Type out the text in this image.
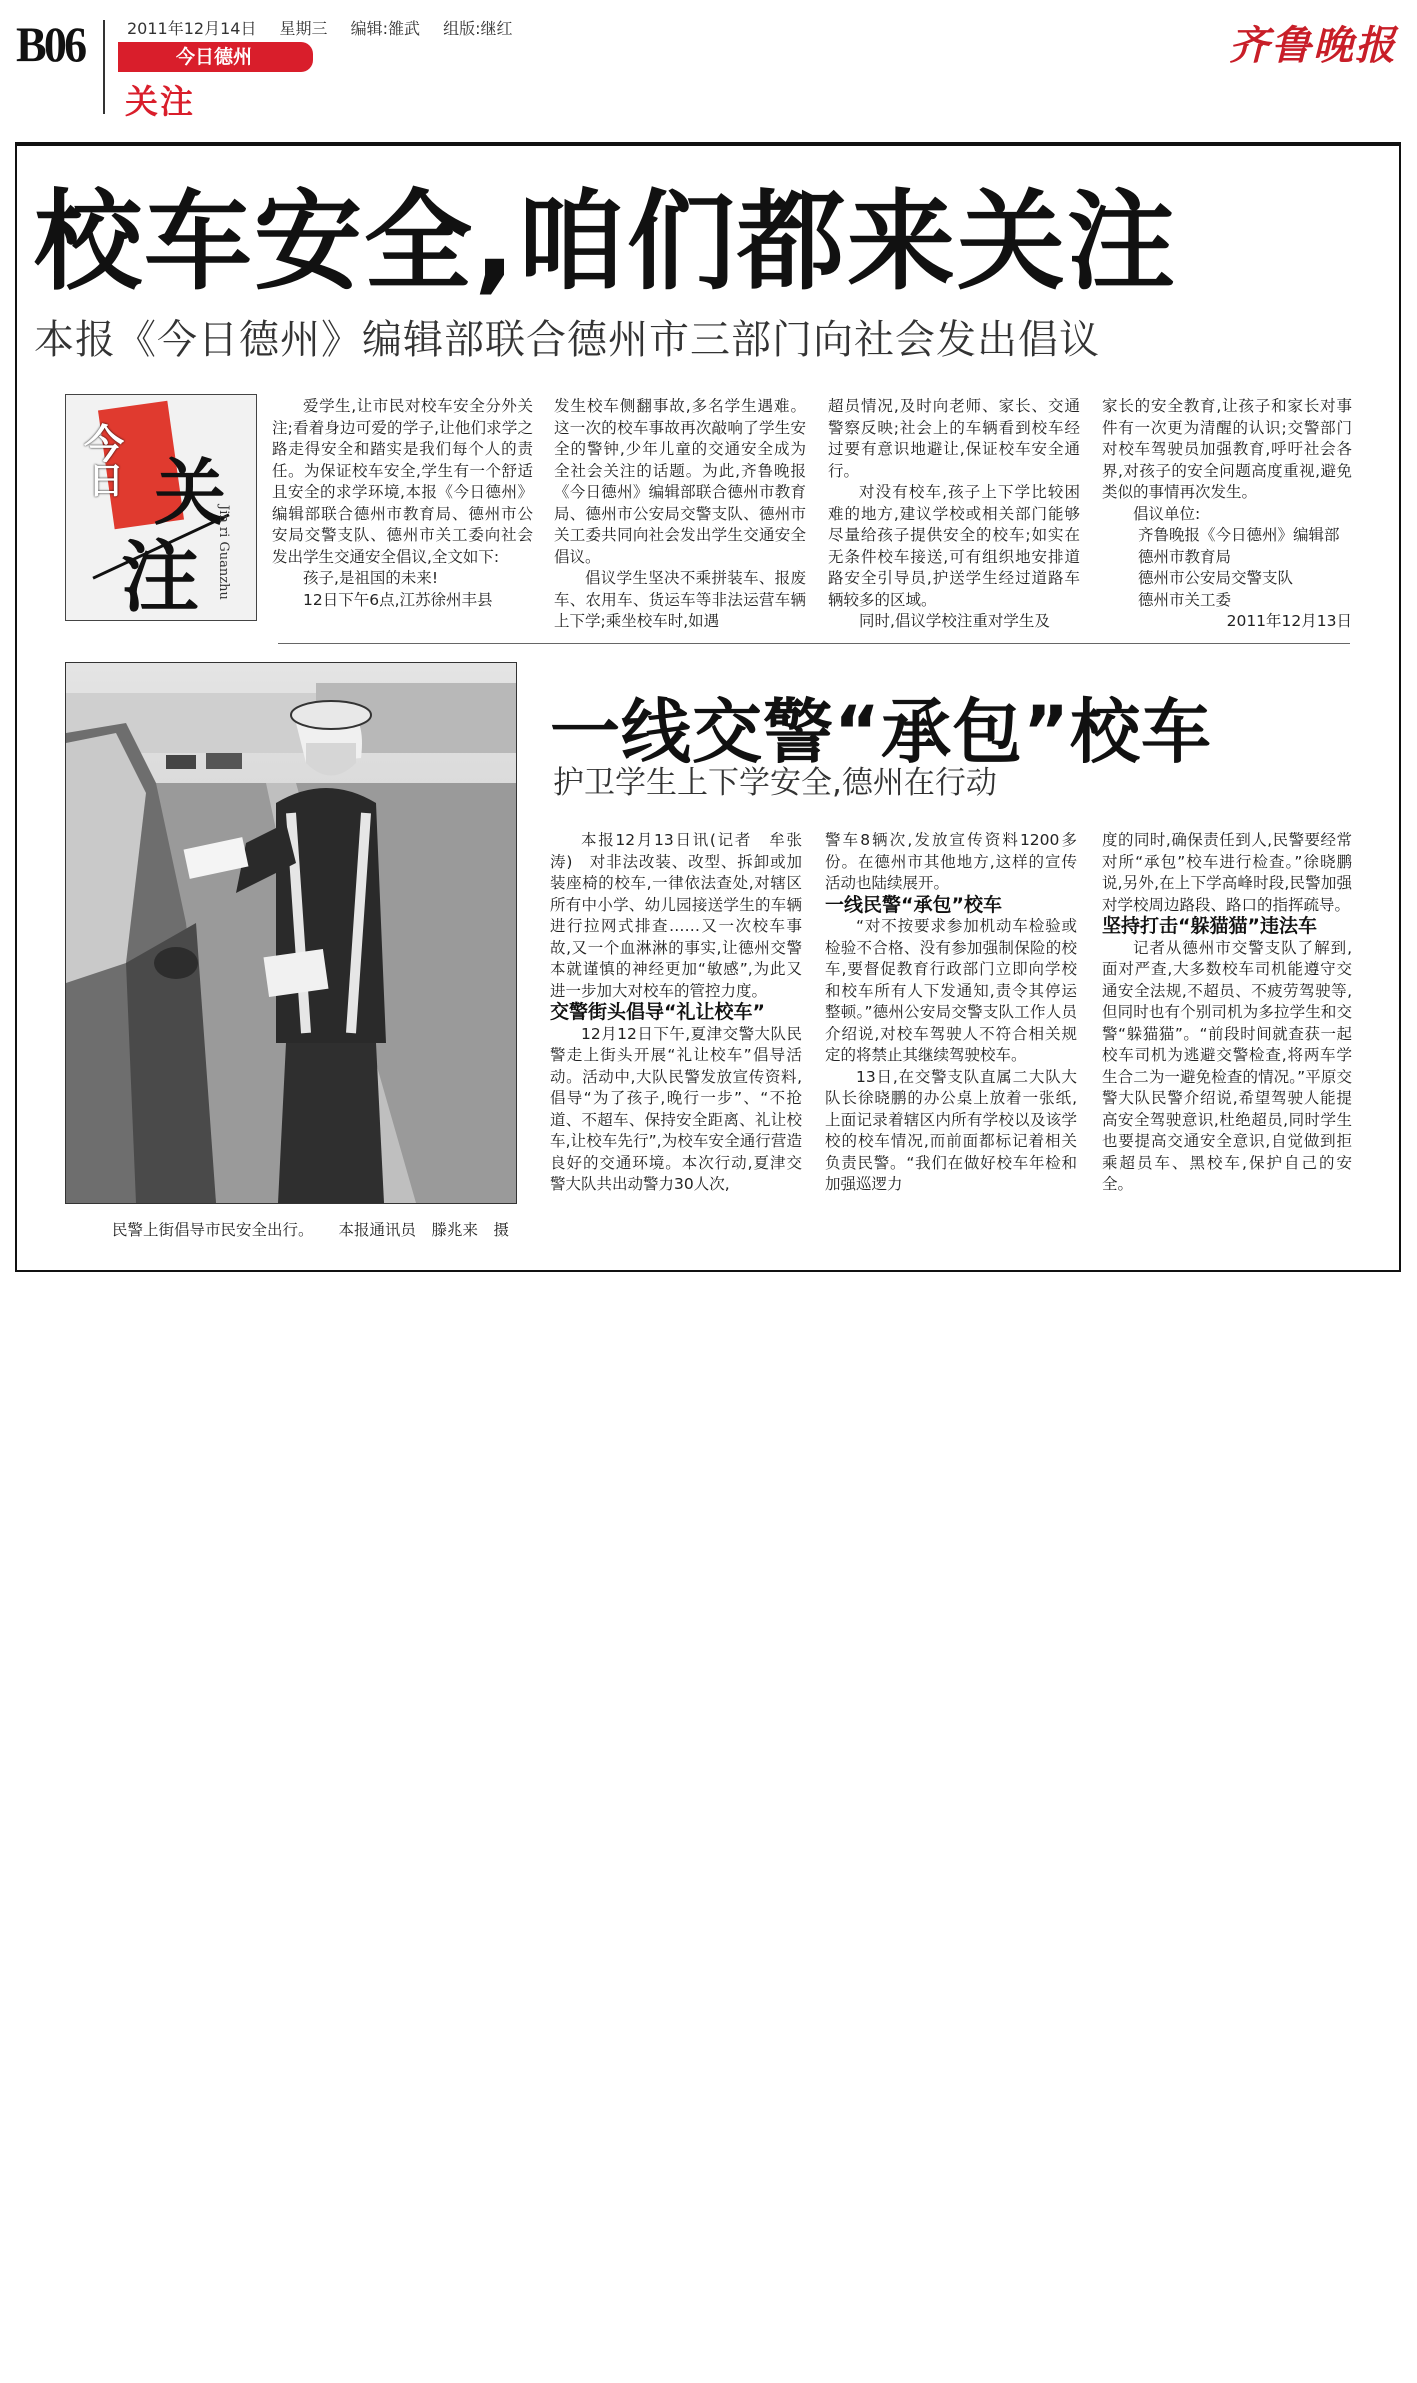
B06	2011年12月14日 星期三 编辑:雒武 组版:继红
今日德州
关注
齐鲁晚报
校车安全,咱们都来关注
本报《今日德州》编辑部联合德州市三部门向社会发出倡议
今
日 关
注 Jin ri Guanzhu

爱学生,让市民对校车安全分外关注;看着身边可爱的学子,让他们求学之路走得安全和踏实是我们每个人的责任。为保证校车安全,学生有一个舒适且安全的求学环境,本报《今日德州》编辑部联合德州市教育局、德州市公安局交警支队、德州市关工委向社会发出学生交通安全倡议,全文如下:

孩子,是祖国的未来!

12日下午6点,江苏徐州丰县

发生校车侧翻事故,多名学生遇难。这一次的校车事故再次敲响了学生安全的警钟,少年儿童的交通安全成为全社会关注的话题。为此,齐鲁晚报《今日德州》编辑部联合德州市教育局、德州市公安局交警支队、德州市关工委共同向社会发出学生交通安全倡议。

倡议学生坚决不乘拼装车、报废车、农用车、货运车等非法运营车辆上下学;乘坐校车时,如遇

超员情况,及时向老师、家长、交通警察反映;社会上的车辆看到校车经过要有意识地避让,保证校车安全通行。

对没有校车,孩子上下学比较困难的地方,建议学校或相关部门能够尽量给孩子提供安全的校车;如实在无条件校车接送,可有组织地安排道路安全引导员,护送学生经过道路车辆较多的区域。

同时,倡议学校注重对学生及

家长的安全教育,让孩子和家长对事件有一次更为清醒的认识;交警部门对校车驾驶员加强教育,呼吁社会各界,对孩子的安全问题高度重视,避免类似的事情再次发生。

倡议单位:

齐鲁晚报《今日德州》编辑部

德州市教育局

德州市公安局交警支队

德州市关工委

2011年12月13日

民警上街倡导市民安全出行。 本报通讯员　滕兆来　摄
一线交警“承包”校车
护卫学生上下学安全,德州在行动

本报12月13日讯(记者　牟张涛)　对非法改装、改型、拆卸或加装座椅的校车,一律依法查处,对辖区所有中小学、幼儿园接送学生的车辆进行拉网式排查……又一次校车事故,又一个血淋淋的事实,让德州交警本就谨慎的神经更加“敏感”,为此又进一步加大对校车的管控力度。

交警街头倡导“礼让校车”

12月12日下午,夏津交警大队民警走上街头开展“礼让校车”倡导活动。活动中,大队民警发放宣传资料,倡导“为了孩子,晚行一步”、“不抢道、不超车、保持安全距离、礼让校车,让校车先行”,为校车安全通行营造良好的交通环境。本次行动,夏津交警大队共出动警力30人次,

警车8辆次,发放宣传资料1200多份。在德州市其他地方,这样的宣传活动也陆续展开。

一线民警“承包”校车

“对不按要求参加机动车检验或检验不合格、没有参加强制保险的校车,要督促教育行政部门立即向学校和校车所有人下发通知,责令其停运整顿。”德州公安局交警支队工作人员介绍说,对校车驾驶人不符合相关规定的将禁止其继续驾驶校车。

13日,在交警支队直属二大队大队长徐晓鹏的办公桌上放着一张纸,上面记录着辖区内所有学校以及该学校的校车情况,而前面都标记着相关负责民警。“我们在做好校车年检和加强巡逻力

度的同时,确保责任到人,民警要经常对所“承包”校车进行检查。”徐晓鹏说,另外,在上下学高峰时段,民警加强对学校周边路段、路口的指挥疏导。

坚持打击“躲猫猫”违法车

记者从德州市交警支队了解到,面对严查,大多数校车司机能遵守交通安全法规,不超员、不疲劳驾驶等,但同时也有个别司机为多拉学生和交警“躲猫猫”。“前段时间就查获一起校车司机为逃避交警检查,将两车学生合二为一避免检查的情况。”平原交警大队民警介绍说,希望驾驶人能提高安全驾驶意识,杜绝超员,同时学生也要提高交通安全意识,自觉做到拒乘超员车、黑校车,保护自己的安全。
